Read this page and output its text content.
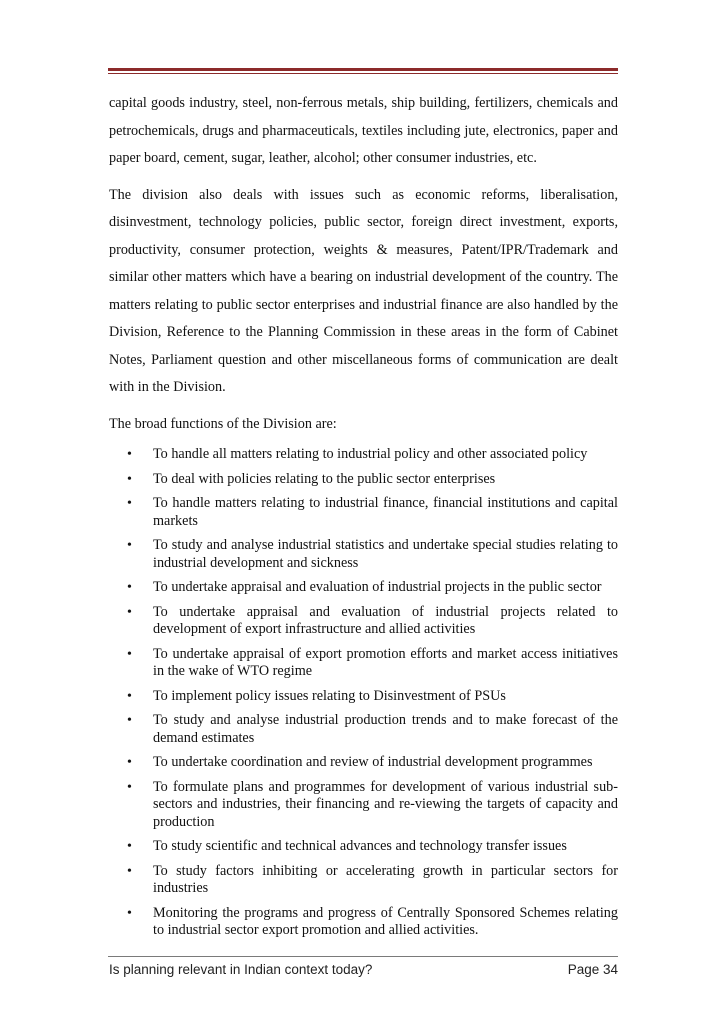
capital goods industry, steel, non-ferrous metals, ship building, fertilizers, chemicals and petrochemicals, drugs and pharmaceuticals, textiles including jute, electronics, paper and paper board, cement, sugar, leather, alcohol; other consumer industries, etc.

The division also deals with issues such as economic reforms, liberalisation, disinvestment, technology policies, public sector, foreign direct investment, exports, productivity, consumer protection, weights & measures, Patent/IPR/Trademark and similar other matters which have a bearing on industrial development of the country. The matters relating to public sector enterprises and industrial finance are also handled by the Division, Reference to the Planning Commission in these areas in the form of Cabinet Notes, Parliament question and other miscellaneous forms of communication are dealt with in the Division.

The broad functions of the Division are:

• To handle all matters relating to industrial policy and other associated policy
• To deal with policies relating to the public sector enterprises
• To handle matters relating to industrial finance, financial institutions and capital markets
• To study and analyse industrial statistics and undertake special studies relating to industrial development and sickness
• To undertake appraisal and evaluation of industrial projects in the public sector
• To undertake appraisal and evaluation of industrial projects related to development of export infrastructure and allied activities
• To undertake appraisal of export promotion efforts and market access initiatives in the wake of WTO regime
• To implement policy issues relating to Disinvestment of PSUs
• To study and analyse industrial production trends and to make forecast of the demand estimates
• To undertake coordination and review of industrial development programmes
• To formulate plans and programmes for development of various industrial sub-sectors and industries, their financing and re-viewing the targets of capacity and production
• To study scientific and technical advances and technology transfer issues
• To study factors inhibiting or accelerating growth in particular sectors for industries
• Monitoring the programs and progress of Centrally Sponsored Schemes relating to industrial sector export promotion and allied activities.
Is planning relevant in Indian context today?	Page 34
